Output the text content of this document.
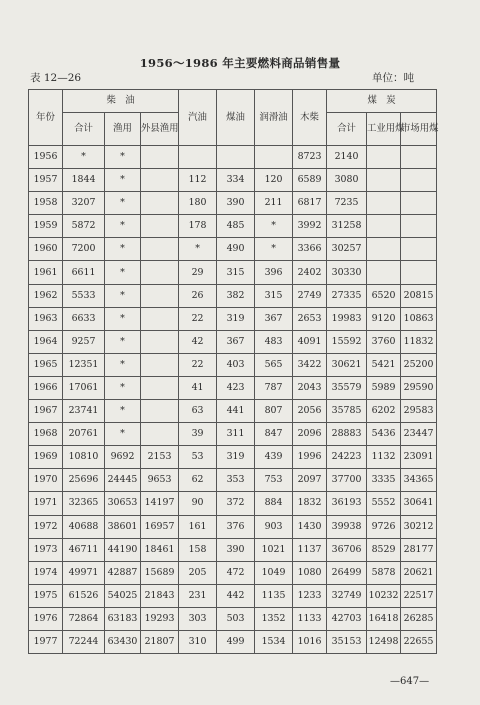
1956～1986 年主要燃料商品销售量
表 12—26	单位：吨
年份	柴　油			汽油	煤油	润滑油	木柴	煤　炭		
	合计	渔用	外县渔用					合计	工业用煤	市场用煤
1956	*	*					8723	2140		
1957	1844	*		112	334	120	6589	3080		
1958	3207	*		180	390	211	6817	7235		
1959	5872	*		178	485	*	3992	31258		
1960	7200	*		*	490	*	3366	30257		
1961	6611	*		29	315	396	2402	30330		
1962	5533	*		26	382	315	2749	27335	6520	20815
1963	6633	*		22	319	367	2653	19983	9120	10863
1964	9257	*		42	367	483	4091	15592	3760	11832
1965	12351	*		22	403	565	3422	30621	5421	25200
1966	17061	*		41	423	787	2043	35579	5989	29590
1967	23741	*		63	441	807	2056	35785	6202	29583
1968	20761	*		39	311	847	2096	28883	5436	23447
1969	10810	9692	2153	53	319	439	1996	24223	1132	23091
1970	25696	24445	9653	62	353	753	2097	37700	3335	34365
1971	32365	30653	14197	90	372	884	1832	36193	5552	30641
1972	40688	38601	16957	161	376	903	1430	39938	9726	30212
1973	46711	44190	18461	158	390	1021	1137	36706	8529	28177
1974	49971	42887	15689	205	472	1049	1080	26499	5878	20621
1975	61526	54025	21843	231	442	1135	1233	32749	10232	22517
1976	72864	63183	19293	303	503	1352	1133	42703	16418	26285
1977	72244	63430	21807	310	499	1534	1016	35153	12498	22655
—647—
